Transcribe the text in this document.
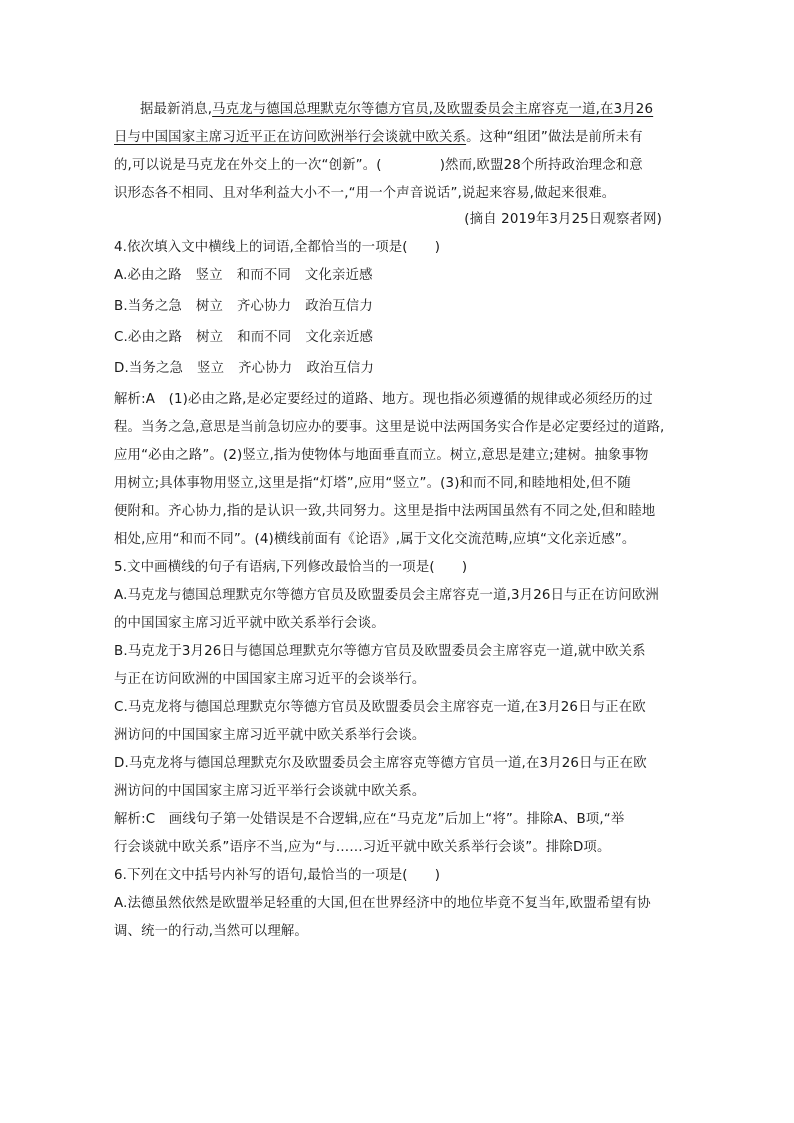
据最新消息,马克龙与德国总理默克尔等德方官员,及欧盟委员会主席容克一道,在3月26
日与中国国家主席习近平正在访问欧洲举行会谈就中欧关系。这种“组团”做法是前所未有
的,可以说是马克龙在外交上的一次“创新”。(	)然而,欧盟28个所持政治理念和意
识形态各不相同、且对华利益大小不一,“用一个声音说话”,说起来容易,做起来很难。
(摘自 2019年3月25日观察者网)
4.依次填入文中横线上的词语,全都恰当的一项是(　　)
A.必由之路 竖立 和而不同 文化亲近感
B.当务之急 树立 齐心协力 政治互信力
C.必由之路 树立 和而不同 文化亲近感
D.当务之急 竖立 齐心协力 政治互信力
解析:A　(1)必由之路,是必定要经过的道路、地方。现也指必须遵循的规律或必须经历的过
程。当务之急,意思是当前急切应办的要事。这里是说中法两国务实合作是必定要经过的道路,
应用“必由之路”。(2)竖立,指为使物体与地面垂直而立。树立,意思是建立;建树。抽象事物
用树立;具体事物用竖立,这里是指“灯塔”,应用“竖立”。(3)和而不同,和睦地相处,但不随
便附和。齐心协力,指的是认识一致,共同努力。这里是指中法两国虽然有不同之处,但和睦地
相处,应用“和而不同”。(4)横线前面有《论语》,属于文化交流范畴,应填“文化亲近感”。
5.文中画横线的句子有语病,下列修改最恰当的一项是(　　)
A.马克龙与德国总理默克尔等德方官员及欧盟委员会主席容克一道,3月26日与正在访问欧洲
的中国国家主席习近平就中欧关系举行会谈。
B.马克龙于3月26日与德国总理默克尔等德方官员及欧盟委员会主席容克一道,就中欧关系
与正在访问欧洲的中国国家主席习近平的会谈举行。
C.马克龙将与德国总理默克尔等德方官员及欧盟委员会主席容克一道,在3月26日与正在欧
洲访问的中国国家主席习近平就中欧关系举行会谈。
D.马克龙将与德国总理默克尔及欧盟委员会主席容克等德方官员一道,在3月26日与正在欧
洲访问的中国国家主席习近平举行会谈就中欧关系。
解析:C　画线句子第一处错误是不合逻辑,应在“马克龙”后加上“将”。排除A、B项,“举
行会谈就中欧关系”语序不当,应为“与……习近平就中欧关系举行会谈”。排除D项。
6.下列在文中括号内补写的语句,最恰当的一项是(　　)
A.法德虽然依然是欧盟举足轻重的大国,但在世界经济中的地位毕竟不复当年,欧盟希望有协
调、统一的行动,当然可以理解。
